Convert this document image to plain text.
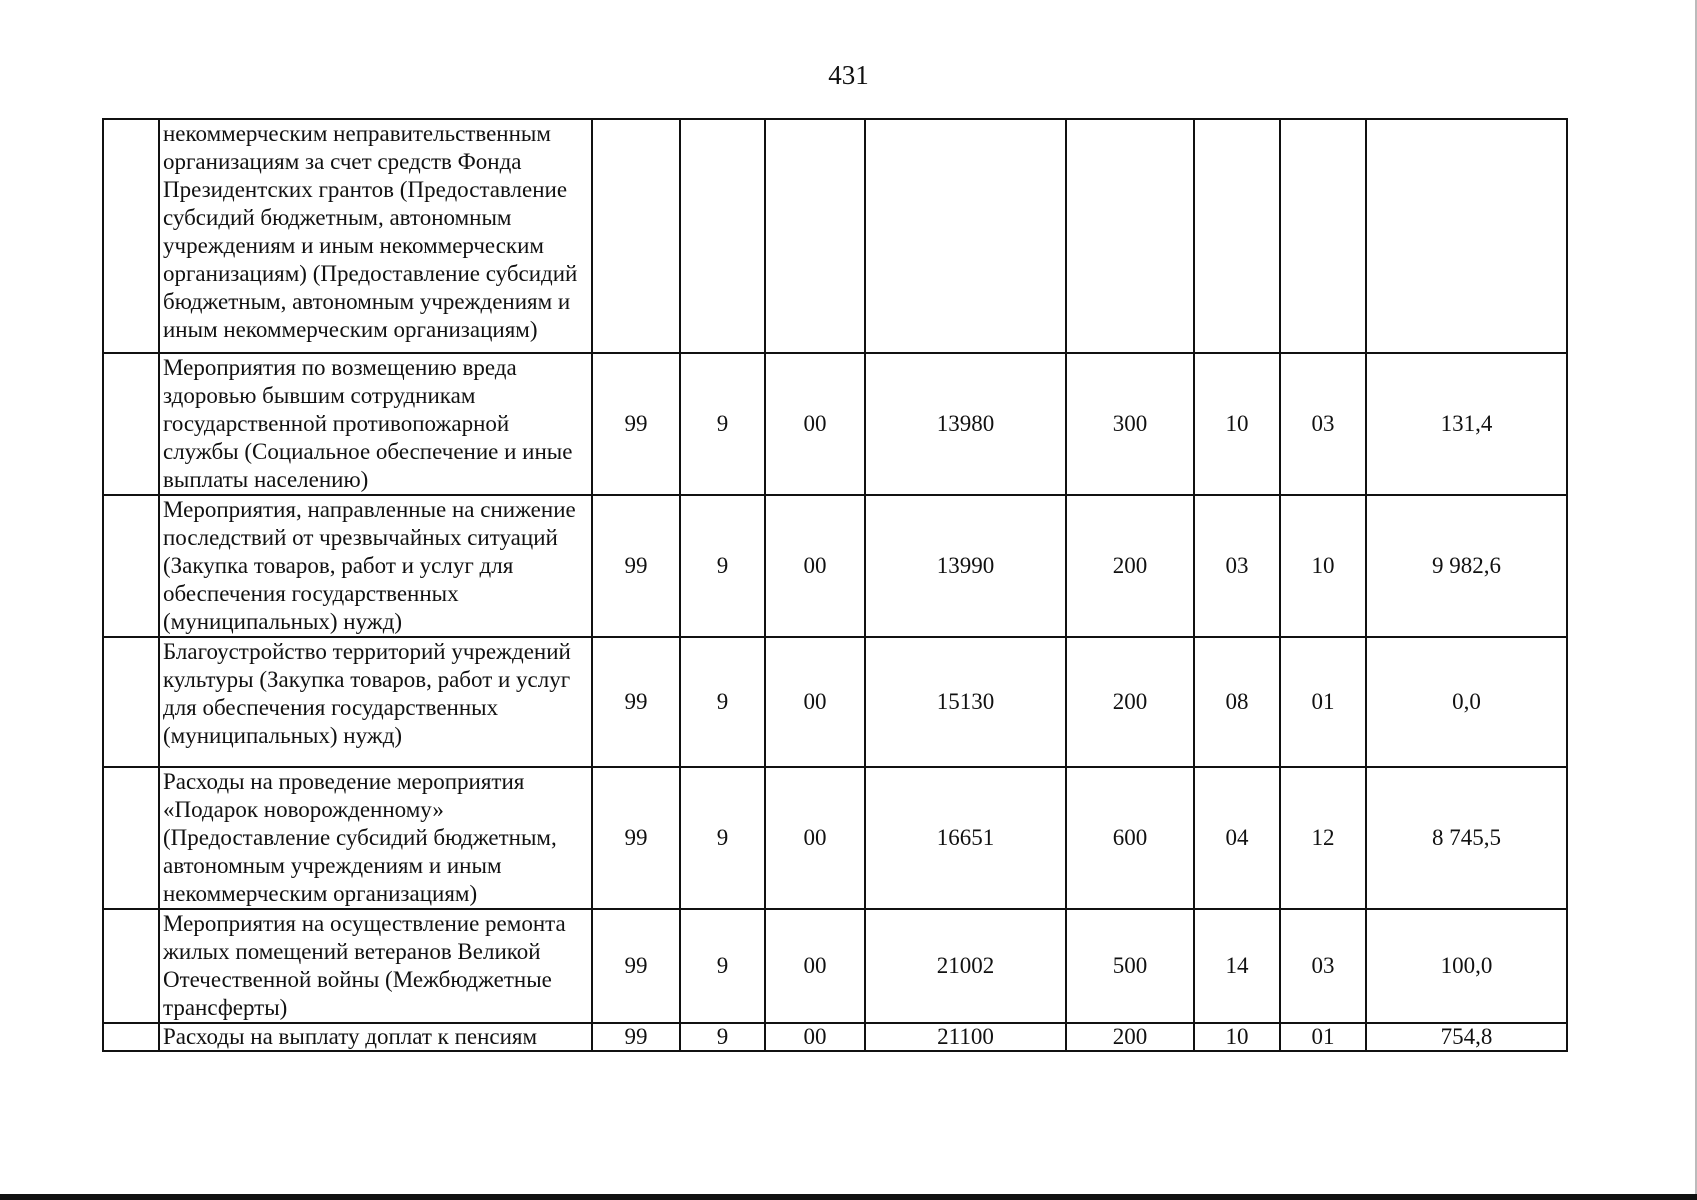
431
	некоммерческим неправительственным организациям за счет средств Фонда Президентских грантов (Предоставление субсидий бюджетным, автономным учреждениям и иным некоммерческим организациям) (Предоставление субсидий бюджетным, автономным учреждениям и иным некоммерческим организациям)								
	Мероприятия по возмещению вреда здоровью бывшим сотрудникам государственной противопожарной службы (Социальное обеспечение и иные выплаты населению)	99	9	00	13980	300	10	03	131,4
	Мероприятия, направленные на снижение последствий от чрезвычайных ситуаций (Закупка товаров, работ и услуг для обеспечения государственных (муниципальных) нужд)	99	9	00	13990	200	03	10	9 982,6
	Благоустройство территорий учреждений культуры (Закупка товаров, работ и услуг для обеспечения государственных (муниципальных) нужд)	99	9	00	15130	200	08	01	0,0
	Расходы на проведение мероприятия «Подарок новорожденному» (Предоставление субсидий бюджетным, автономным учреждениям и иным некоммерческим организациям)	99	9	00	16651	600	04	12	8 745,5
	Мероприятия на осуществление ремонта жилых помещений ветеранов Великой Отечественной войны (Межбюджетные трансферты)	99	9	00	21002	500	14	03	100,0
	Расходы на выплату доплат к пенсиям	99	9	00	21100	200	10	01	754,8
